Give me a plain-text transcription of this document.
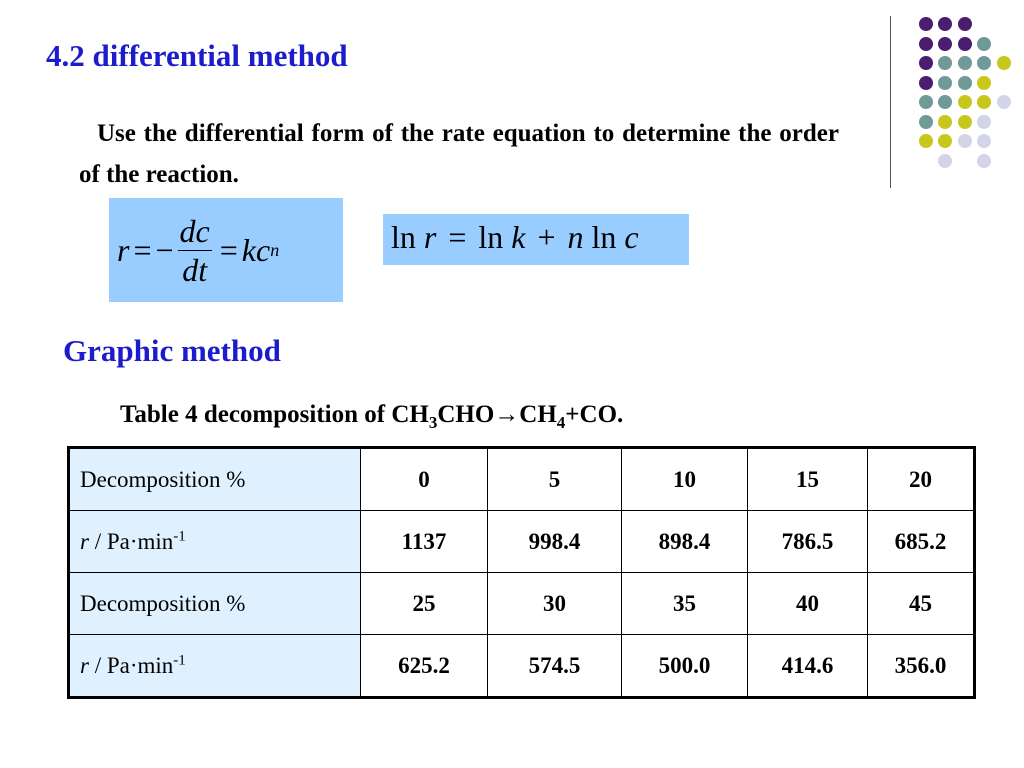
4.2 differential method
Use the differential form of the rate equation to determine the order of the reaction.
r = − $\frac{dc}{dt} = k$ c n	ln r = ln k + n ln c
Graphic method
Table 4 decomposition of $CH_3CHO\to CH_4+CO$.
Decomposition %	0	5	10	15	20
$r / Pa\cdot\min^{-1}$	1137	998.4	898.4	786.5	685.2
Decomposition %	25	30	35	40	45
$r / Pa\cdot\min^{-1}$	625.2	574.5	500.0	414.6	356.0
